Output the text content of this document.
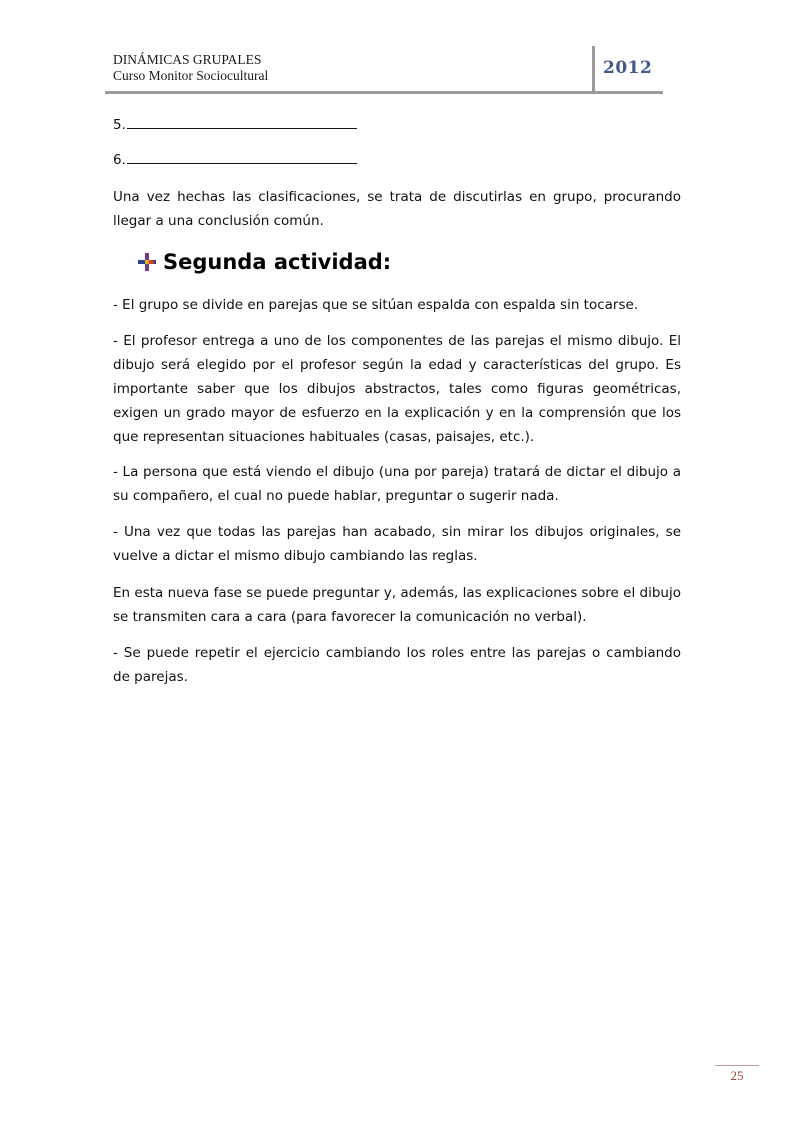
DINÁMICAS GRUPALES
Curso Monitor Sociocultural	2012
5.
6.
Una vez hechas las clasificaciones, se trata de discutirlas en grupo, procurando llegar a una conclusión común.
Segunda actividad:
- El grupo se divide en parejas que se sitúan espalda con espalda sin tocarse.
- El profesor entrega a uno de los componentes de las parejas el mismo dibujo. El dibujo será elegido por el profesor según la edad y características del grupo. Es importante saber que los dibujos abstractos, tales como figuras geométricas, exigen un grado mayor de esfuerzo en la explicación y en la comprensión que los que representan situaciones habituales (casas, paisajes, etc.).
- La persona que está viendo el dibujo (una por pareja) tratará de dictar el dibujo a su compañero, el cual no puede hablar, preguntar o sugerir nada.
- Una vez que todas las parejas han acabado, sin mirar los dibujos originales, se vuelve a dictar el mismo dibujo cambiando las reglas.
En esta nueva fase se puede preguntar y, además, las explicaciones sobre el dibujo se transmiten cara a cara (para favorecer la comunicación no verbal).
- Se puede repetir el ejercicio cambiando los roles entre las parejas o cambiando de parejas.
25
